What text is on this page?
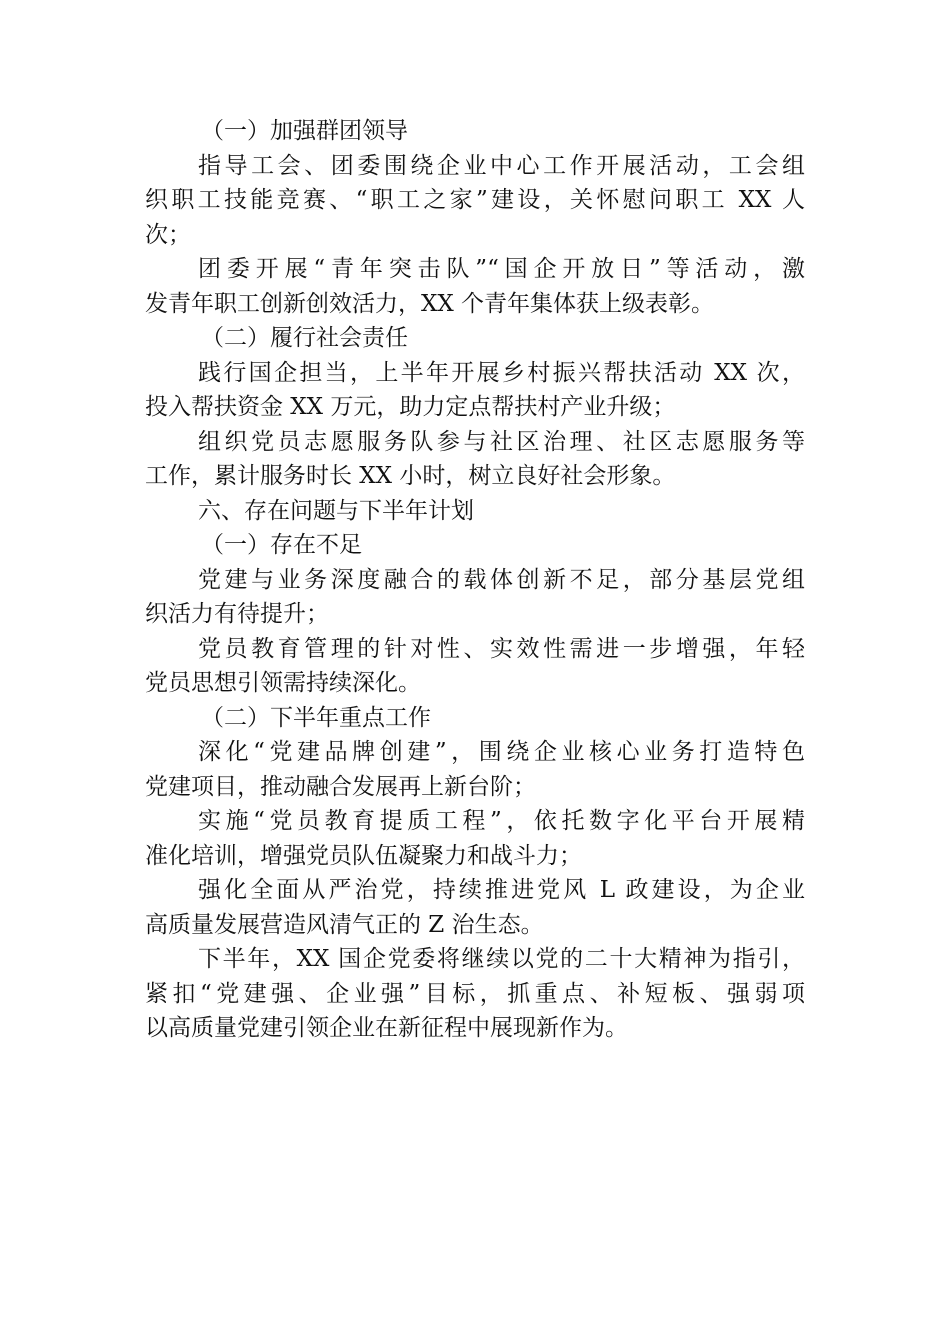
（一）加强群团领导
指导工会、团委围绕企业中心工作开展活动，工会组
织职工技能竞赛、“职工之家”建设，关怀慰问职工 XX 人
次；
团委开展“青年突击队”“国企开放日”等活动，激
发青年职工创新创效活力，XX 个青年集体获上级表彰。
（二）履行社会责任
践行国企担当，上半年开展乡村振兴帮扶活动 XX 次，
投入帮扶资金 XX 万元，助力定点帮扶村产业升级；
组织党员志愿服务队参与社区治理、社区志愿服务等
工作，累计服务时长 XX 小时，树立良好社会形象。
六、存在问题与下半年计划
（一）存在不足
党建与业务深度融合的载体创新不足，部分基层党组
织活力有待提升；
党员教育管理的针对性、实效性需进一步增强，年轻
党员思想引领需持续深化。
（二）下半年重点工作
深化“党建品牌创建”，围绕企业核心业务打造特色
党建项目，推动融合发展再上新台阶；
实施“党员教育提质工程”，依托数字化平台开展精
准化培训，增强党员队伍凝聚力和战斗力；
强化全面从严治党，持续推进党风 L 政建设，为企业
高质量发展营造风清气正的 Z 治生态。
下半年，XX 国企党委将继续以党的二十大精神为指引，
紧扣“党建强、企业强”目标，抓重点、补短板、强弱项
以高质量党建引领企业在新征程中展现新作为。
